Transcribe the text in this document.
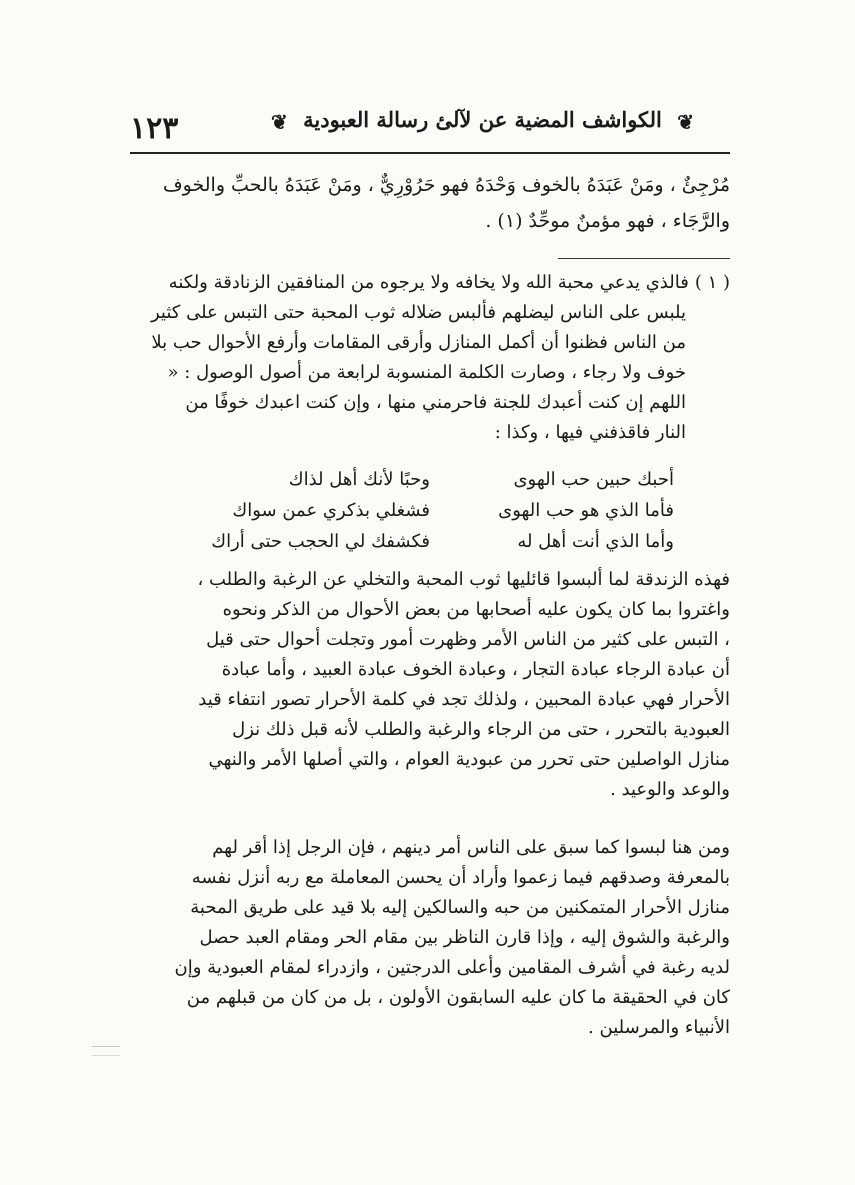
❦ الكواشف المضية عن لآلئ رسالة العبودية ❦
١٢٣
مُرْجِئٌ ، ومَنْ عَبَدَهُ بالخوف وَحْدَهُ فهو حَرُوْرِيٌّ ، ومَنْ عَبَدَهُ بالحبِّ والخوف
والرَّجَاء ، فهو مؤمنٌ موحِّدٌ (١) .
( ١ )فالذي يدعي محبة الله ولا يخافه ولا يرجوه من المنافقين الزنادقة ولكنه
يلبس على الناس ليضلهم فألبس ضلاله ثوب المحبة حتى التبس على كثير
من الناس فظنوا أن أكمل المنازل وأرقى المقامات وأرفع الأحوال حب بلا
خوف ولا رجاء ، وصارت الكلمة المنسوبة لرابعة من أصول الوصول : «
اللهم إن كنت أعبدك للجنة فاحرمني منها ، وإن كنت اعبدك خوفًا من
النار فاقذفني فيها ، وكذا :
أحبك حبين حب الهوى
وحبًا لأنك أهل لذاك
فأما الذي هو حب الهوى
فشغلي بذكري عمن سواك
وأما الذي أنت أهل له
فكشفك لي الحجب حتى أراك
فهذه الزندقة لما ألبسوا قائليها ثوب المحبة والتخلي عن الرغبة والطلب ،
واغتروا بما كان يكون عليه أصحابها من بعض الأحوال من الذكر ونحوه
، التبس على كثير من الناس الأمر وظهرت أمور وتجلت أحوال حتى قيل
أن عبادة الرجاء عبادة التجار ، وعبادة الخوف عبادة العبيد ، وأما عبادة
الأحرار فهي عبادة المحبين ، ولذلك تجد في كلمة الأحرار تصور انتفاء قيد
العبودية بالتحرر ، حتى من الرجاء والرغبة والطلب لأنه قبل ذلك نزل
منازل الواصلين حتى تحرر من عبودية العوام ، والتي أصلها الأمر والنهي
والوعد والوعيد .
ومن هنا لبسوا كما سبق على الناس أمر دينهم ، فإن الرجل إذا أقر لهم
بالمعرفة وصدقهم فيما زعموا وأراد أن يحسن المعاملة مع ربه أنزل نفسه
منازل الأحرار المتمكنين من حبه والسالكين إليه بلا قيد على طريق المحبة
والرغبة والشوق إليه ، وإذا قارن الناظر بين مقام الحر ومقام العبد حصل
لديه رغبة في أشرف المقامين وأعلى الدرجتين ، وازدراء لمقام العبودية وإن
كان في الحقيقة ما كان عليه السابقون الأولون ، بل من كان من قبلهم من
الأنبياء والمرسلين .
